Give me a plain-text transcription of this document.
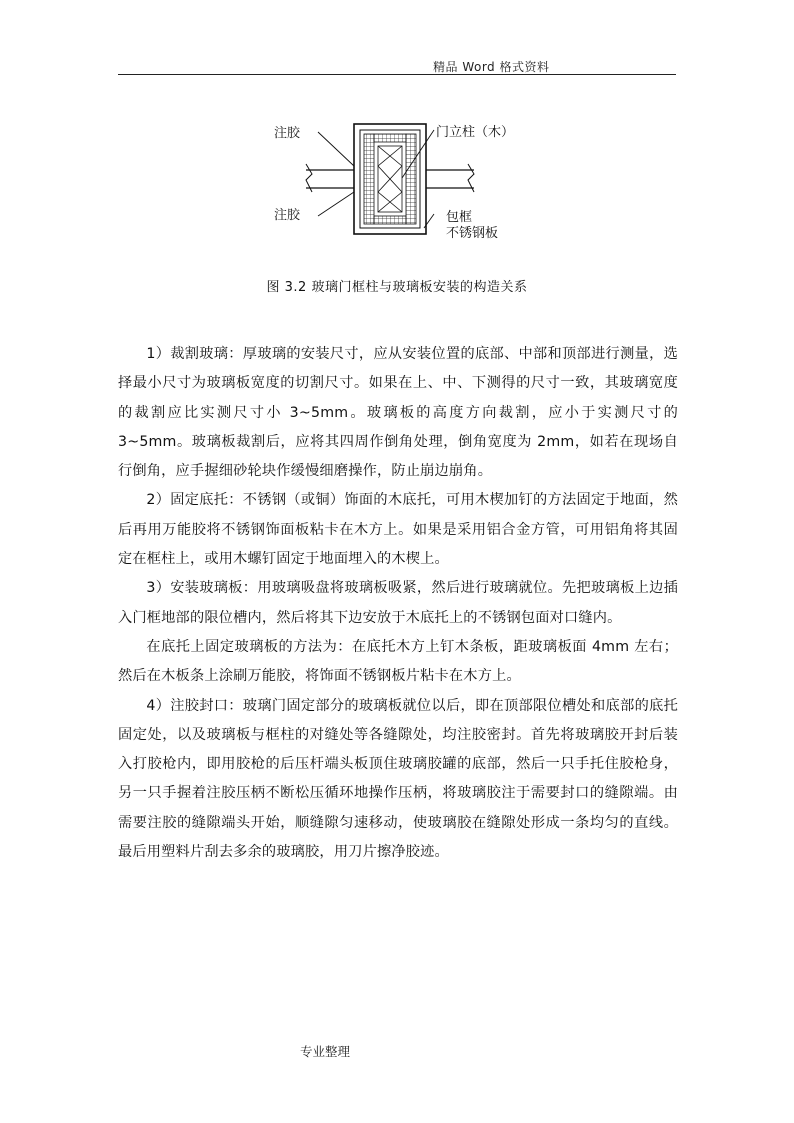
精品 Word 格式资料
注胶
注胶
门立柱（木）
包框
不锈钢板
图 3.2 玻璃门框柱与玻璃板安装的构造关系

1）裁割玻璃：厚玻璃的安装尺寸，应从安装位置的底部、中部和顶部进行测量，选择最小尺寸为玻璃板宽度的切割尺寸。如果在上、中、下测得的尺寸一致，其玻璃宽度的裁割应比实测尺寸小 3~5mm。玻璃板的高度方向裁割，应小于实测尺寸的 3~5mm。玻璃板裁割后，应将其四周作倒角处理，倒角宽度为 2mm，如若在现场自行倒角，应手握细砂轮块作缓慢细磨操作，防止崩边崩角。

2）固定底托：不锈钢（或铜）饰面的木底托，可用木楔加钉的方法固定于地面，然后再用万能胶将不锈钢饰面板粘卡在木方上。如果是采用铝合金方管，可用铝角将其固定在框柱上，或用木螺钉固定于地面埋入的木楔上。

3）安装玻璃板：用玻璃吸盘将玻璃板吸紧，然后进行玻璃就位。先把玻璃板上边插入门框地部的限位槽内，然后将其下边安放于木底托上的不锈钢包面对口缝内。

在底托上固定玻璃板的方法为：在底托木方上钉木条板，距玻璃板面 4mm 左右；然后在木板条上涂刷万能胶，将饰面不锈钢板片粘卡在木方上。

4）注胶封口：玻璃门固定部分的玻璃板就位以后，即在顶部限位槽处和底部的底托固定处，以及玻璃板与框柱的对缝处等各缝隙处，均注胶密封。首先将玻璃胶开封后装入打胶枪内，即用胶枪的后压杆端头板顶住玻璃胶罐的底部，然后一只手托住胶枪身，另一只手握着注胶压柄不断松压循环地操作压柄，将玻璃胶注于需要封口的缝隙端。由需要注胶的缝隙端头开始，顺缝隙匀速移动，使玻璃胶在缝隙处形成一条均匀的直线。最后用塑料片刮去多余的玻璃胶，用刀片擦净胶迹。

专业整理
